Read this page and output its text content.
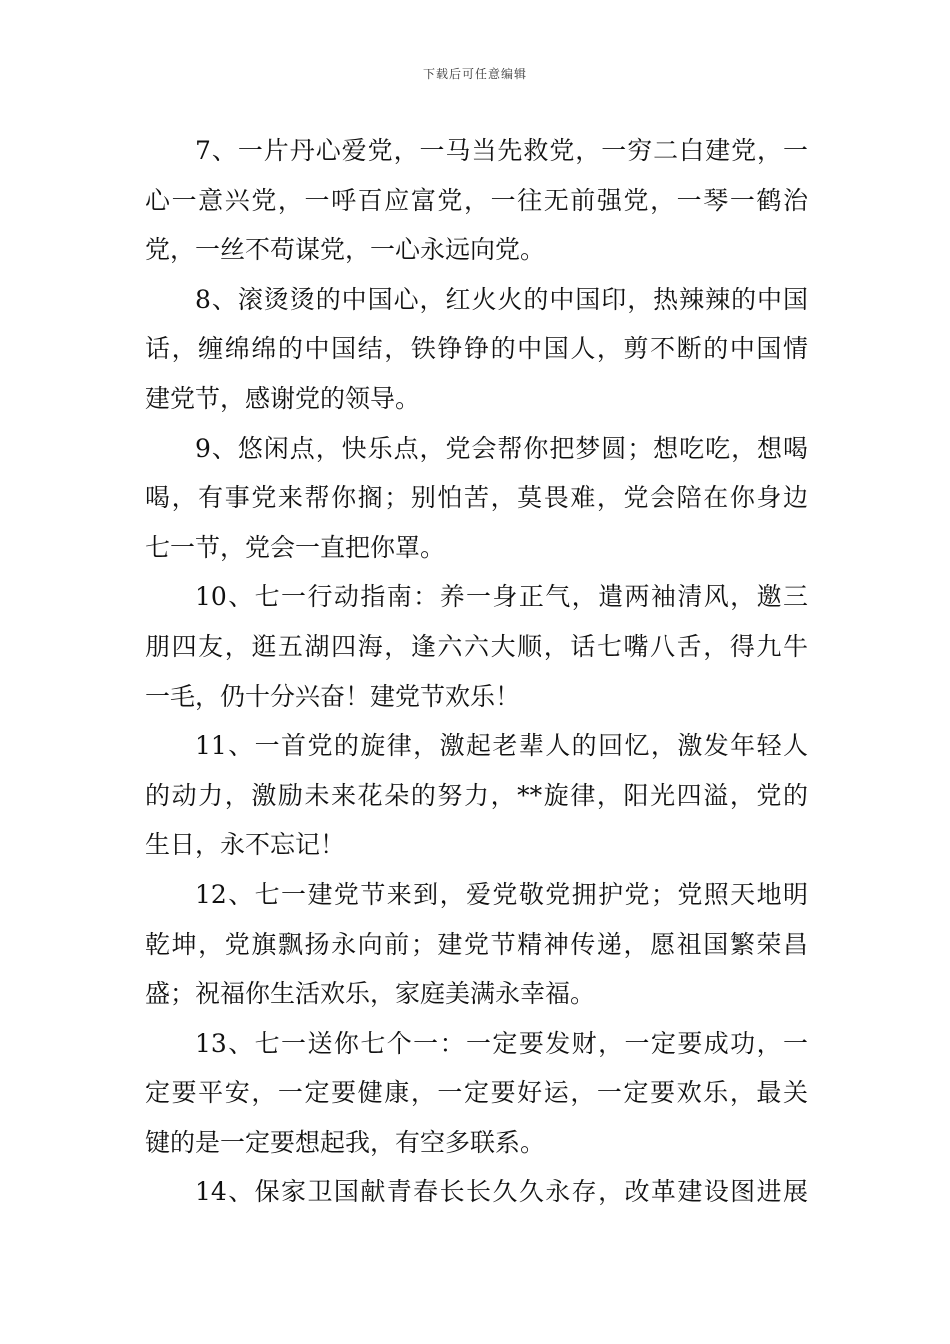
下载后可任意编辑
7、一片丹心爱党，一马当先救党，一穷二白建党，一
心一意兴党，一呼百应富党，一往无前强党，一琴一鹤治
党，一丝不苟谋党，一心永远向党。
8、滚烫烫的中国心，红火火的中国印，热辣辣的中国
话，缠绵绵的中国结，铁铮铮的中国人，剪不断的中国情
建党节，感谢党的领导。
9、悠闲点，快乐点，党会帮你把梦圆；想吃吃，想喝
喝，有事党来帮你搁；别怕苦，莫畏难，党会陪在你身边
七一节，党会一直把你罩。
10、七一行动指南：养一身正气，遣两袖清风，邀三
朋四友，逛五湖四海，逢六六大顺，话七嘴八舌，得九牛
一毛，仍十分兴奋！建党节欢乐！
11、一首党的旋律，激起老辈人的回忆，激发年轻人
的动力，激励未来花朵的努力，**旋律，阳光四溢，党的
生日，永不忘记！
12、七一建党节来到，爱党敬党拥护党；党照天地明
乾坤，党旗飘扬永向前；建党节精神传递，愿祖国繁荣昌
盛；祝福你生活欢乐，家庭美满永幸福。
13、七一送你七个一：一定要发财，一定要成功，一
定要平安，一定要健康，一定要好运，一定要欢乐，最关
键的是一定要想起我，有空多联系。
14、保家卫国献青春长长久久永存，改革建设图进展
